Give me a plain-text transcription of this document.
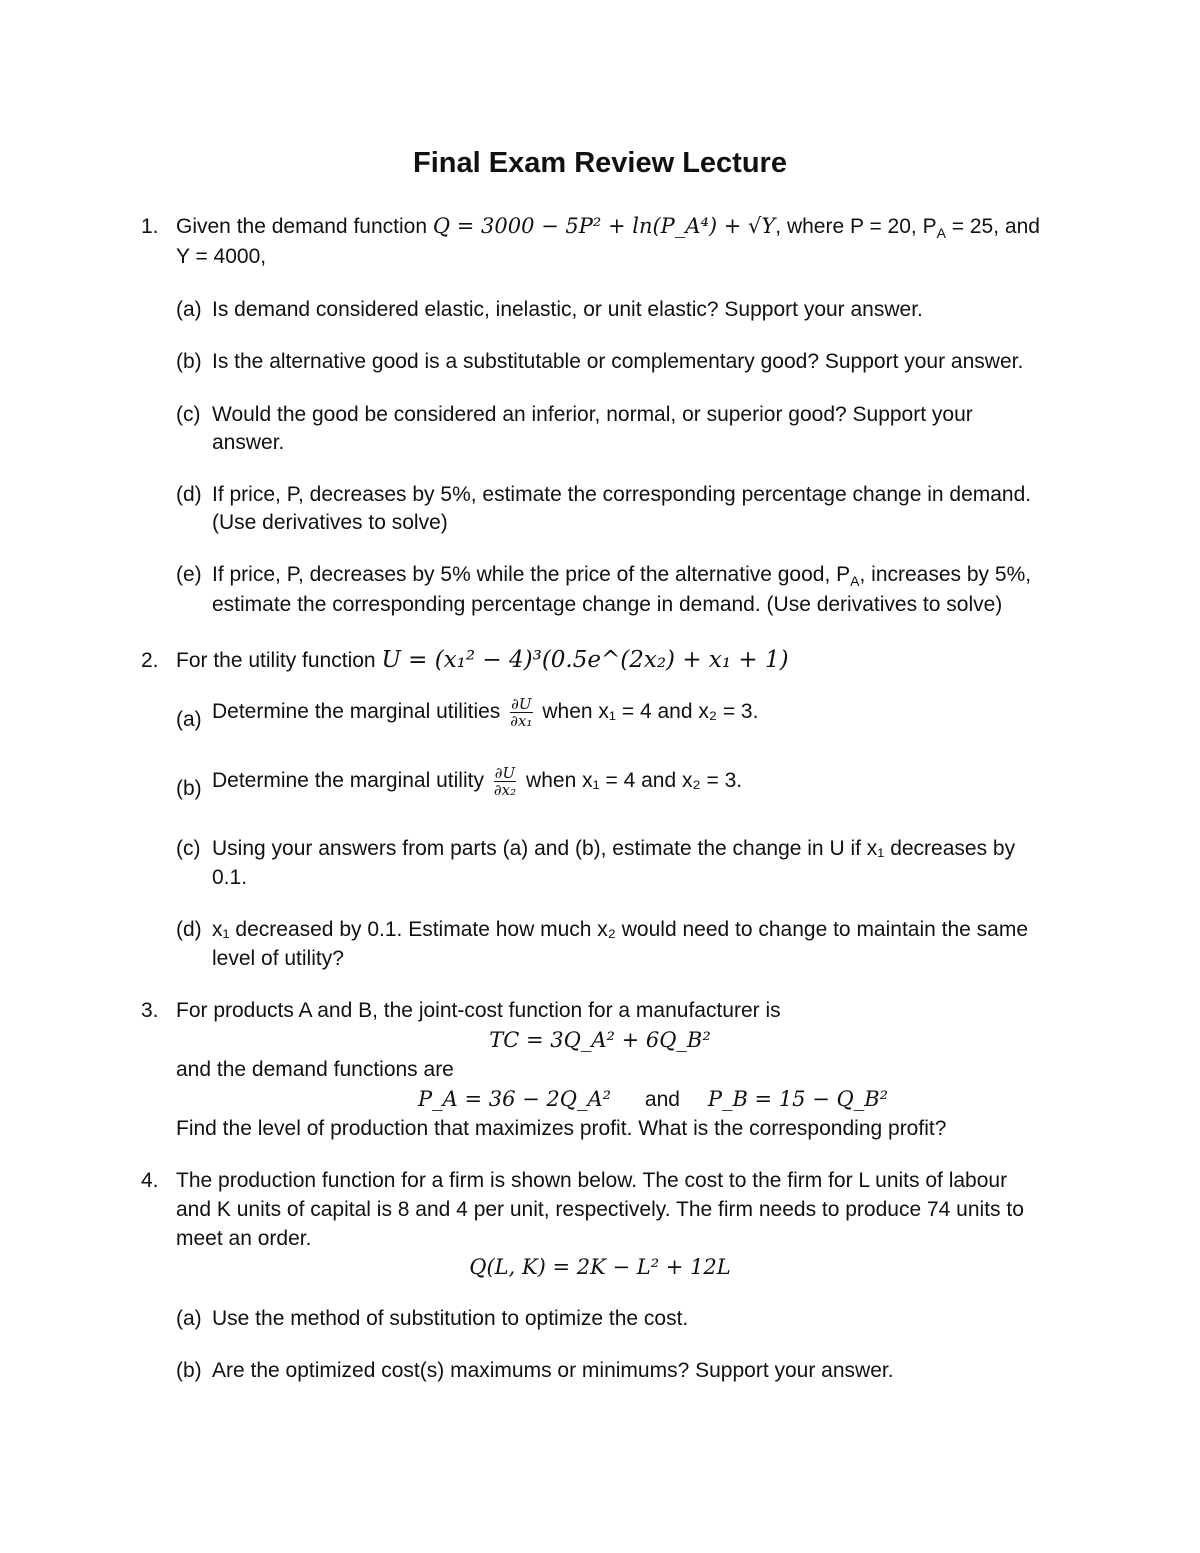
Final Exam Review Lecture
1. Given the demand function Q = 3000 − 5P² + ln(P_A⁴) + √Y, where P = 20, $P_A = 25$, and
Y = 4000,
(a) Is demand considered elastic, inelastic, or unit elastic? Support your answer.
(b) Is the alternative good is a substitutable or complementary good? Support your answer.
(c) Would the good be considered an inferior, normal, or superior good? Support your
answer.
(d) If price, P, decreases by 5%, estimate the corresponding percentage change in demand.
(Use derivatives to solve)
(e) If price, P, decreases by 5% while the price of the alternative good, $P_A$, increases by 5%,
estimate the corresponding percentage change in demand. (Use derivatives to solve)
2. For the utility function U = (x₁² − 4)³(0.5e^(2x₂) + x₁ + 1)
(a) Determine the marginal utilities $\frac{\partial U}{\text{∂x₁}}$ when x₁ = 4 and x₂ = 3.
(b) Determine the marginal utility $\frac{\partial U}{\text{∂x₂}}$ when x₁ = 4 and x₂ = 3.
(c) Using your answers from parts (a) and (b), estimate the change in U if x₁ decreases by
0.1.
(d) x₁ decreased by 0.1. Estimate how much x₂ would need to change to maintain the same
level of utility?
3. For products A and B, the joint-cost function for a manufacturer is
TC = 3Q_A² + 6Q_B²
and the demand functions are
P_A = 36 − 2Q_A² and P_B = 15 − Q_B²
Find the level of production that maximizes profit. What is the corresponding profit?
4. The production function for a firm is shown below. The cost to the firm for L units of labour
and K units of capital is 8 and 4 per unit, respectively. The firm needs to produce 74 units to
meet an order.
Q(L, K) = 2K − L² + 12L
(a) Use the method of substitution to optimize the cost.
(b) Are the optimized cost(s) maximums or minimums? Support your answer.
